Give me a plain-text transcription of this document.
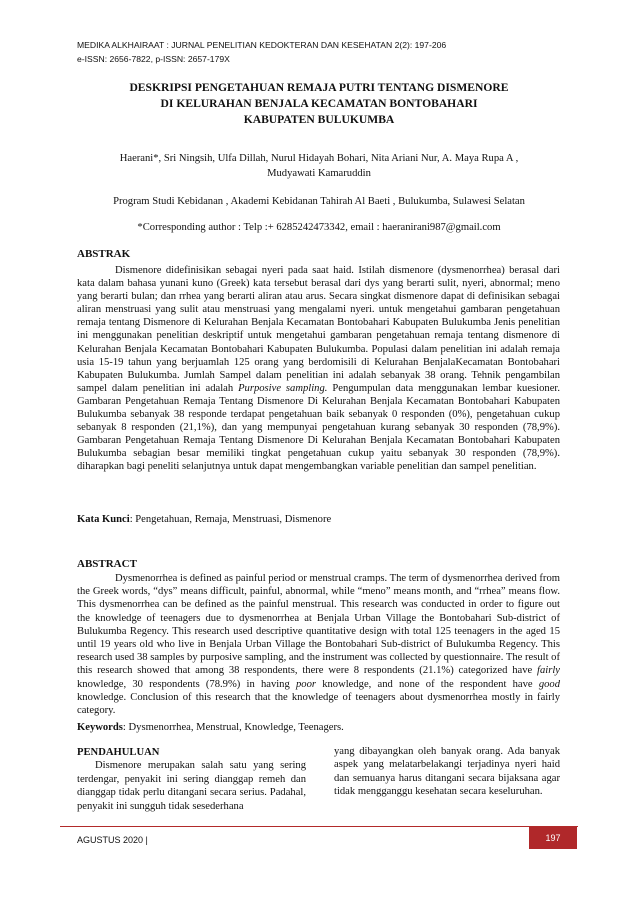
MEDIKA ALKHAIRAAT : JURNAL PENELITIAN KEDOKTERAN DAN KESEHATAN 2(2): 197-206
e-ISSN: 2656-7822, p-ISSN: 2657-179X
DESKRIPSI PENGETAHUAN REMAJA PUTRI TENTANG DISMENORE
DI KELURAHAN BENJALA KECAMATAN BONTOBAHARI
KABUPATEN BULUKUMBA
Haerani*, Sri Ningsih, Ulfa Dillah, Nurul Hidayah Bohari, Nita Ariani Nur, A. Maya Rupa A ,
Mudyawati Kamaruddin
Program Studi Kebidanan , Akademi Kebidanan Tahirah Al Baeti , Bulukumba, Sulawesi Selatan
*Corresponding author : Telp :+ 6285242473342, email : haeranirani987@gmail.com
ABSTRAK
Dismenore didefinisikan sebagai nyeri pada saat haid. Istilah dismenore (dysmenorrhea) berasal dari kata dalam bahasa yunani kuno (Greek) kata tersebut berasal dari dys yang berarti sulit, nyeri, abnormal; meno yang berarti bulan; dan rrhea yang berarti aliran atau arus. Secara singkat dismenore dapat di definisikan sebagai aliran menstruasi yang sulit atau menstruasi yang mengalami nyeri. untuk mengetahui gambaran pengetahuan remaja tentang Dismenore di Kelurahan Benjala Kecamatan Bontobahari Kabupaten Bulukumba Jenis penelitian ini menggunakan penelitian deskriptif untuk mengetahui gambaran pengetahuan remaja tentang dismenore di Kelurahan Benjala Kecamatan Bontobahari Kabupaten Bulukumba. Populasi dalam penelitian ini adalah remaja usia 15-19 tahun yang berjuamlah 125 orang yang berdomisili di Kelurahan BenjalaKecamatan Bontobahari Kabupaten Bulukumba. Jumlah Sampel dalam penelitian ini adalah sebanyak 38 orang. Tehnik pengambilan sampel dalam penelitian ini adalah Purposive sampling. Pengumpulan data menggunakan lembar kuesioner. Gambaran Pengetahuan Remaja Tentang Dismenore Di Kelurahan Benjala Kecamatan Bontobahari Kabupaten Bulukumba sebanyak 38 responde terdapat pengetahuan baik sebanyak 0 responden (0%), pengetahuan cukup sebanyak 8 responden (21,1%), dan yang mempunyai pengetahuan kurang sebanyak 30 responden (78,9%). Gambaran Pengetahuan Remaja Tentang Dismenore Di Kelurahan Benjala Kecamatan Bontobahari Kabupaten Bulukumba sebagian besar memiliki tingkat pengetahuan cukup yaitu sebanyak 30 responden (78,9%). diharapkan bagi peneliti selanjutnya untuk dapat mengembangkan variable penelitian dan sampel penelitian.
Kata Kunci: Pengetahuan, Remaja, Menstruasi, Dismenore
ABSTRACT
Dysmenorrhea is defined as painful period or menstrual cramps. The term of dysmenorrhea derived from the Greek words, “dys” means difficult, painful, abnormal, while “meno” means month, and “rrhea” means flow. This dysmenorrhea can be defined as the painful menstrual. This research was conducted in order to figure out the knowledge of teenagers due to dysmenorrhea at Benjala Urban Village the Bontobahari Sub-district of Bulukumba Regency. This research used descriptive quantitative design with total 125 teenagers in the aged 15 until 19 years old who live in Benjala Urban Village the Bontobahari Sub-district of Bulukumba Regency. This research used 38 samples by purposive sampling, and the instrument was collected by questionnaire. The result of this research showed that among 38 respondents, there were 8 respondents (21.1%) categorized have fairly knowledge, 30 respondents (78.9%) in having poor knowledge, and none of the respondent have good knowledge. Conclusion of this research that the knowledge of teenagers about dysmenorrhea mostly in fairly category.
Keywords: Dysmenorrhea, Menstrual, Knowledge, Teenagers.
PENDAHULUAN
Dismenore merupakan salah satu yang sering terdengar, penyakit ini sering dianggap remeh dan dianggap tidak perlu ditangani secara serius. Padahal, penyakit ini sungguh tidak sesederhana
yang dibayangkan oleh banyak orang. Ada banyak aspek yang melatarbelakangi terjadinya nyeri haid dan semuanya harus ditangani secara bijaksana agar tidak mengganggu kesehatan secara keseluruhan.
AGUSTUS 2020 |	197
